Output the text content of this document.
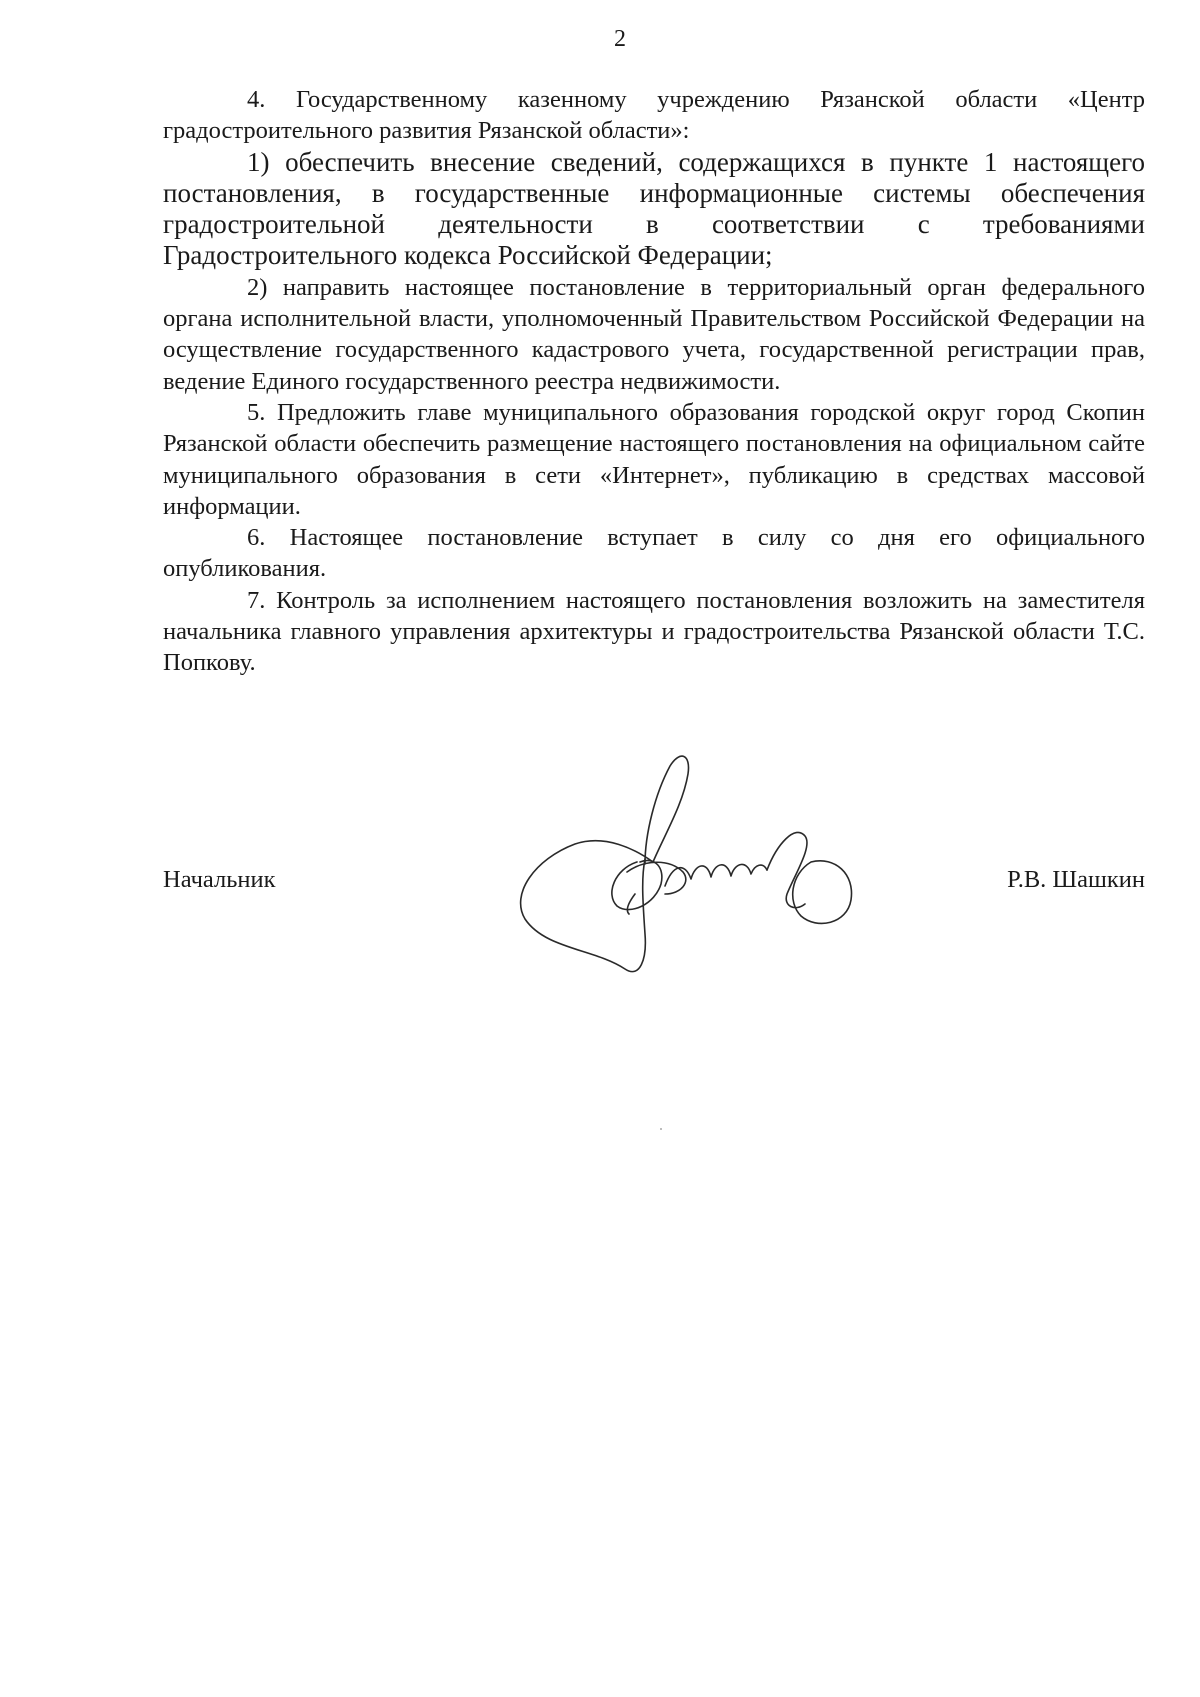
2

4. Государственному казенному учреждению Рязанской области «Центр градостроительного развития Рязанской области»:

1) обеспечить внесение сведений, содержащихся в пункте 1 настоящего постановления, в государственные информационные системы обеспечения градостроительной деятельности в соответствии с требованиями Градостроительного кодекса Российской Федерации;

2) направить настоящее постановление в территориальный орган федерального органа исполнительной власти, уполномоченный Правительством Российской Федерации на осуществление государственного кадастрового учета, государственной регистрации прав, ведение Единого государственного реестра недвижимости.

5. Предложить главе муниципального образования городской округ город Скопин Рязанской области обеспечить размещение настоящего постановления на официальном сайте муниципального образования в сети «Интернет», публикацию в средствах массовой информации.

6. Настоящее постановление вступает в силу со дня его официального опубликования.

7. Контроль за исполнением настоящего постановления возложить на заместителя начальника главного управления архитектуры и градостроительства Рязанской области Т.С. Попкову.

Начальник	Р.В. Шашкин
